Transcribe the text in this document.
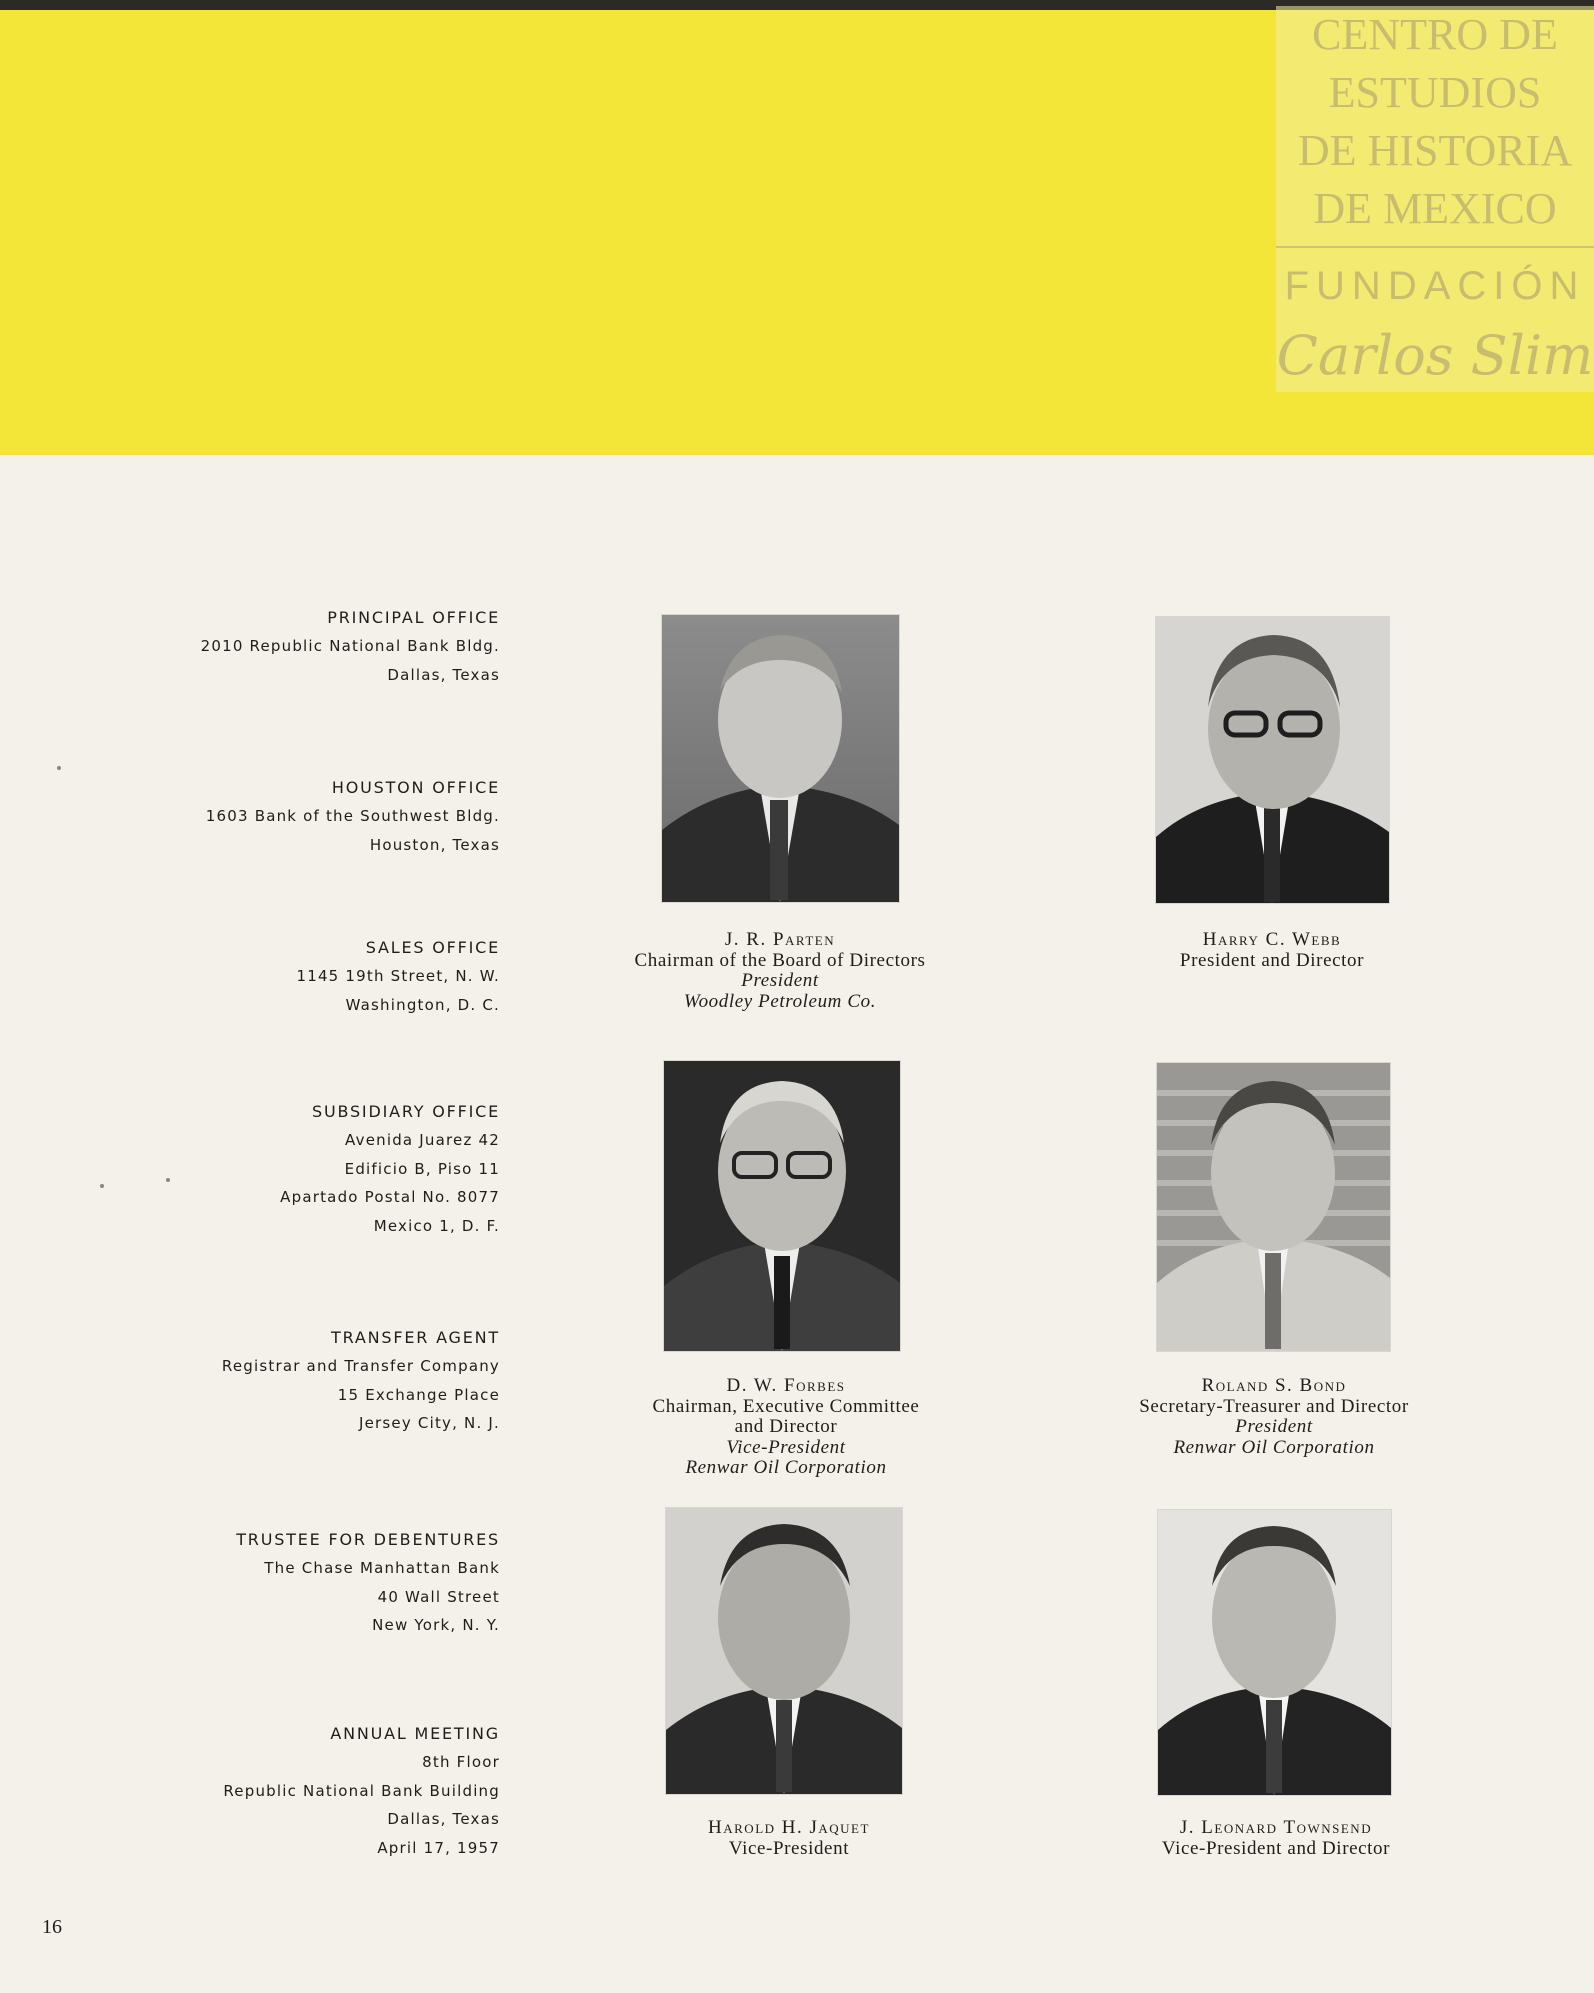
CENTRO DE
ESTUDIOS
DE HISTORIA
DE MEXICO
FUNDACIÓN
Carlos Slim
PRINCIPAL OFFICE
2010 Republic National Bank Bldg.
Dallas, Texas
HOUSTON OFFICE
1603 Bank of the Southwest Bldg.
Houston, Texas
SALES OFFICE
1145 19th Street, N. W.
Washington, D. C.
SUBSIDIARY OFFICE
Avenida Juarez 42
Edificio B, Piso 11
Apartado Postal No. 8077
Mexico 1, D. F.
TRANSFER AGENT
Registrar and Transfer Company
15 Exchange Place
Jersey City, N. J.
TRUSTEE FOR DEBENTURES
The Chase Manhattan Bank
40 Wall Street
New York, N. Y.
ANNUAL MEETING
8th Floor
Republic National Bank Building
Dallas, Texas
April 17, 1957
J. R. Parten
Chairman of the Board of Directors
President
Woodley Petroleum Co.
Harry C. Webb
President and Director
D. W. Forbes
Chairman, Executive Committee
and Director
Vice-President
Renwar Oil Corporation
Roland S. Bond
Secretary-Treasurer and Director
President
Renwar Oil Corporation
Harold H. Jaquet
Vice-President
J. Leonard Townsend
Vice-President and Director
16
